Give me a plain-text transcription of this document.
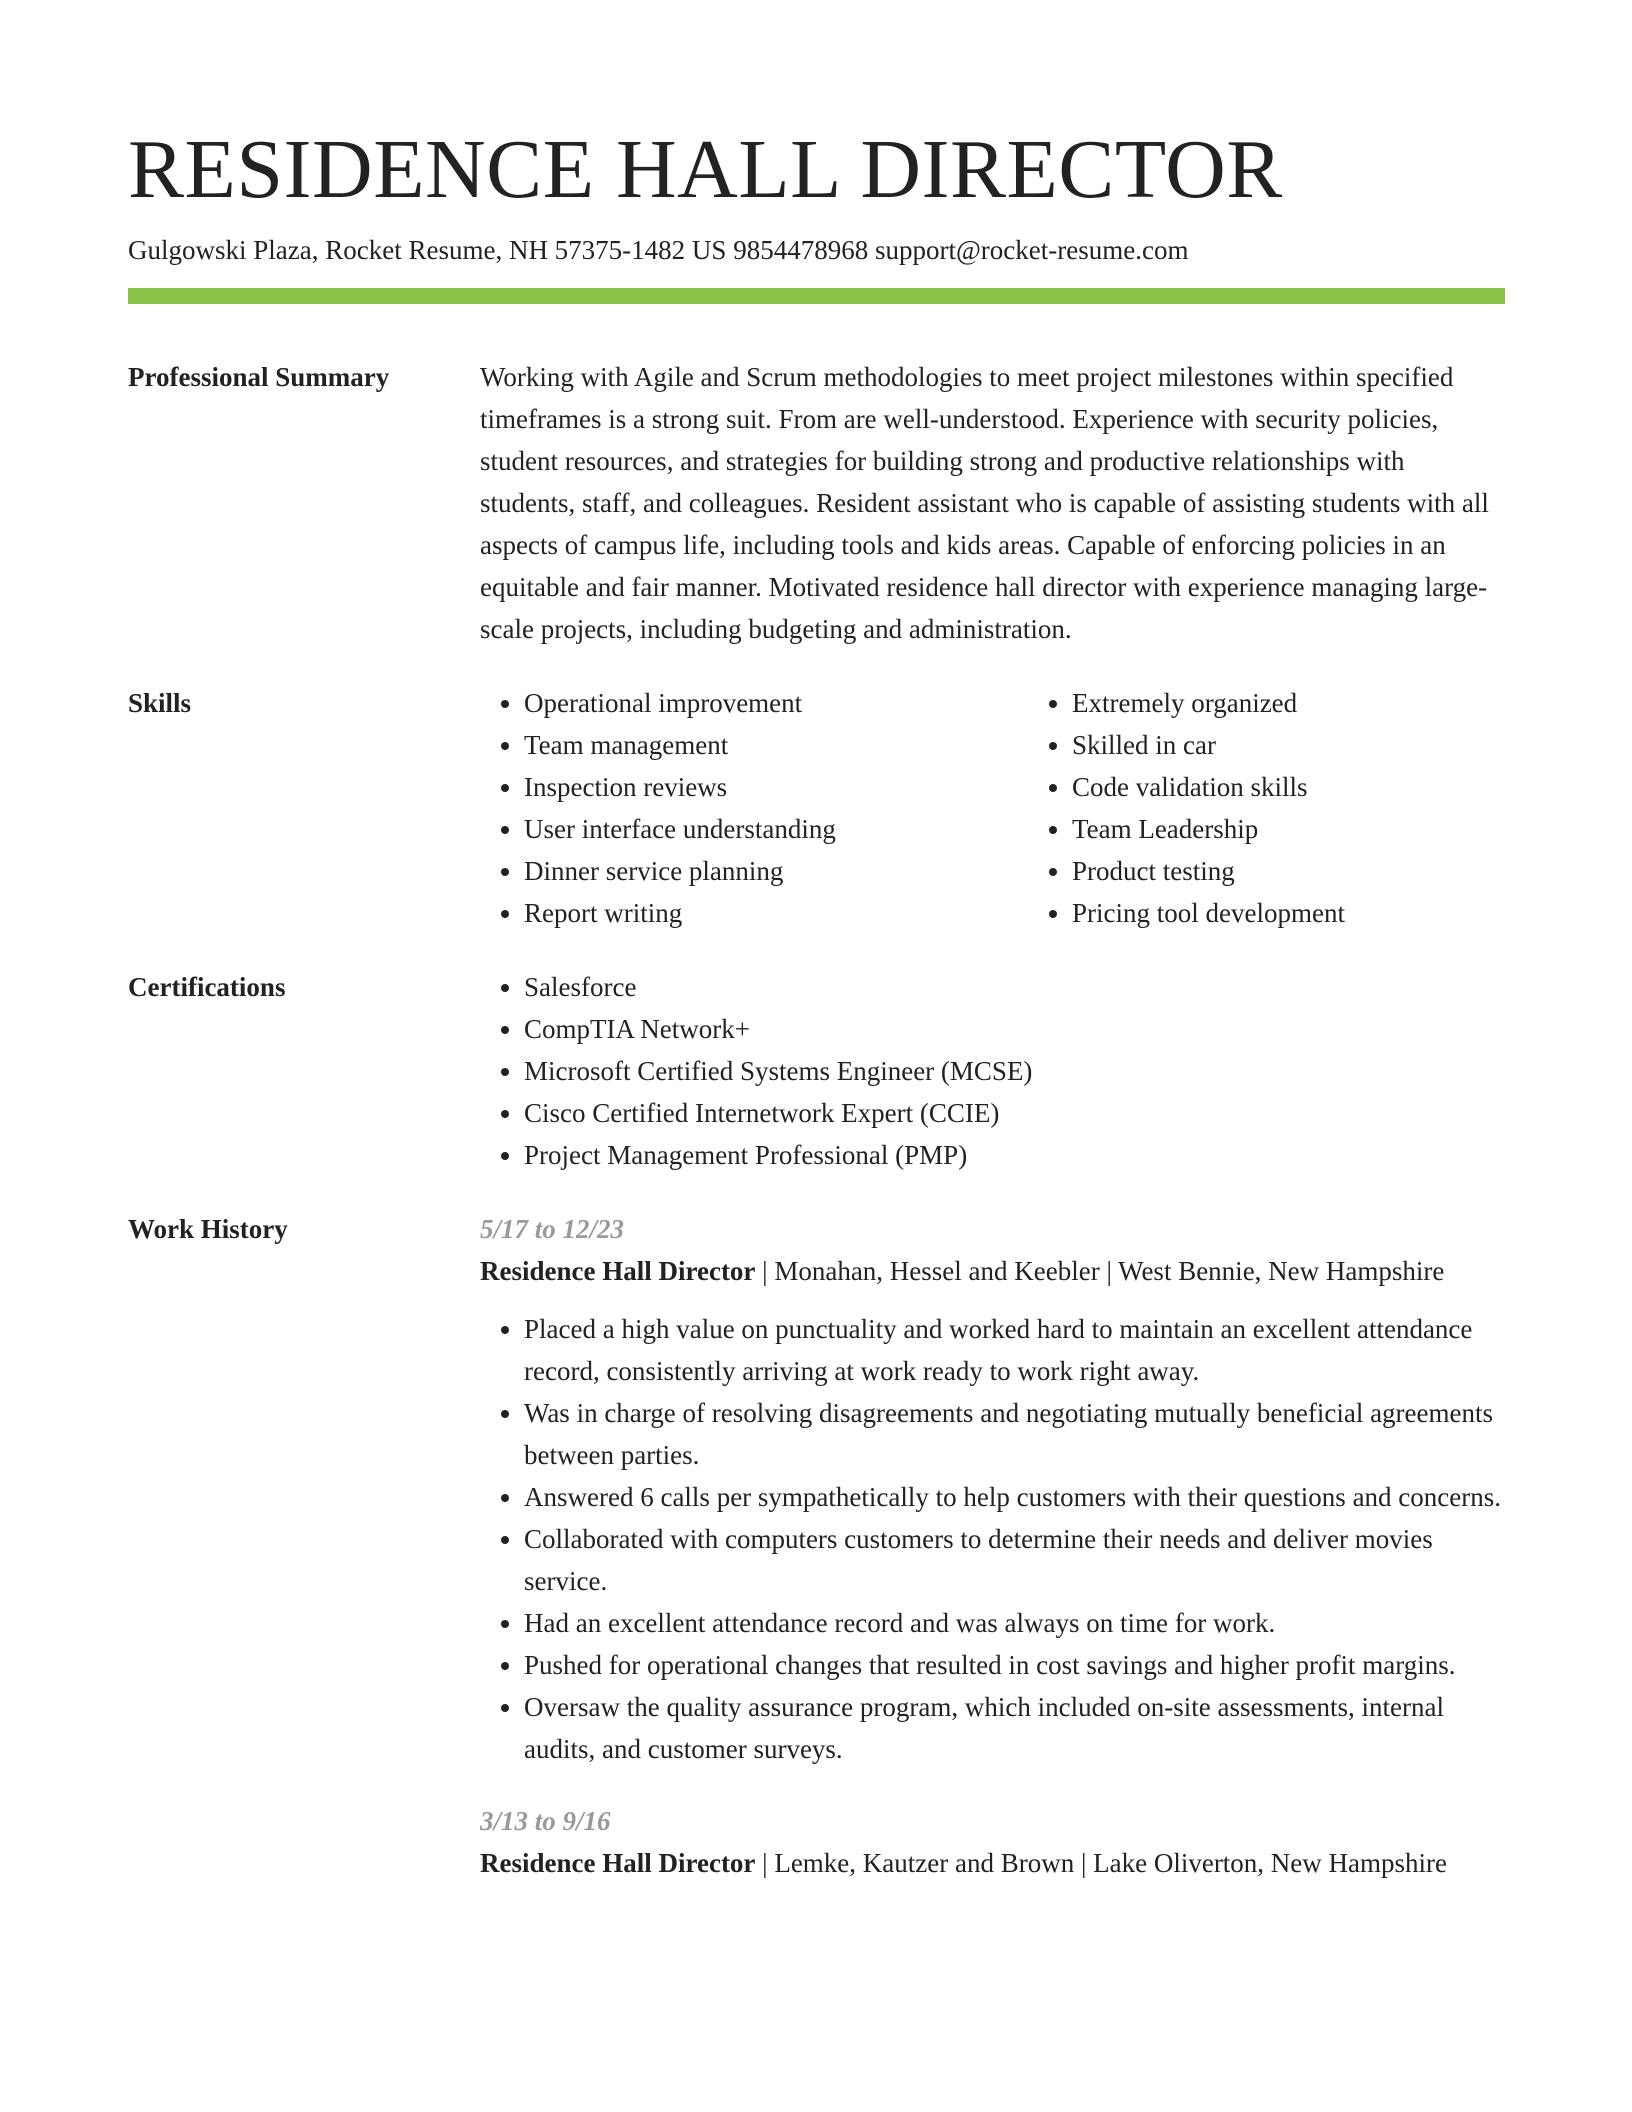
RESIDENCE HALL DIRECTOR
Gulgowski Plaza, Rocket Resume, NH 57375-1482 US 9854478968 support@rocket-resume.com
Professional Summary	Working with Agile and Scrum methodologies to meet project milestones within specified timeframes is a strong suit. From are well-understood. Experience with security policies, student resources, and strategies for building strong and productive relationships with students, staff, and colleagues. Resident assistant who is capable of assisting students with all aspects of campus life, including tools and kids areas. Capable of enforcing policies in an equitable and fair manner. Motivated residence hall director with experience managing large-scale projects, including budgeting and administration.

Skills	• Operational improvement
• Team management
• Inspection reviews
• User interface understanding
• Dinner service planning
• Report writing
• Extremely organized
• Skilled in car
• Code validation skills
• Team Leadership
• Product testing
• Pricing tool development
Certifications	• Salesforce
• CompTIA Network+
• Microsoft Certified Systems Engineer (MCSE)
• Cisco Certified Internetwork Expert (CCIE)
• Project Management Professional (PMP)
Work History	5/17 to 12/23

Residence Hall Director | Monahan, Hessel and Keebler | West Bennie, New Hampshire

• Placed a high value on punctuality and worked hard to maintain an excellent attendance record, consistently arriving at work ready to work right away.
• Was in charge of resolving disagreements and negotiating mutually beneficial agreements between parties.
• Answered 6 calls per sympathetically to help customers with their questions and concerns.
• Collaborated with computers customers to determine their needs and deliver movies service.
• Had an excellent attendance record and was always on time for work.
• Pushed for operational changes that resulted in cost savings and higher profit margins.
• Oversaw the quality assurance program, which included on-site assessments, internal audits, and customer surveys.
3/13 to 9/16

Residence Hall Director | Lemke, Kautzer and Brown | Lake Oliverton, New Hampshire
